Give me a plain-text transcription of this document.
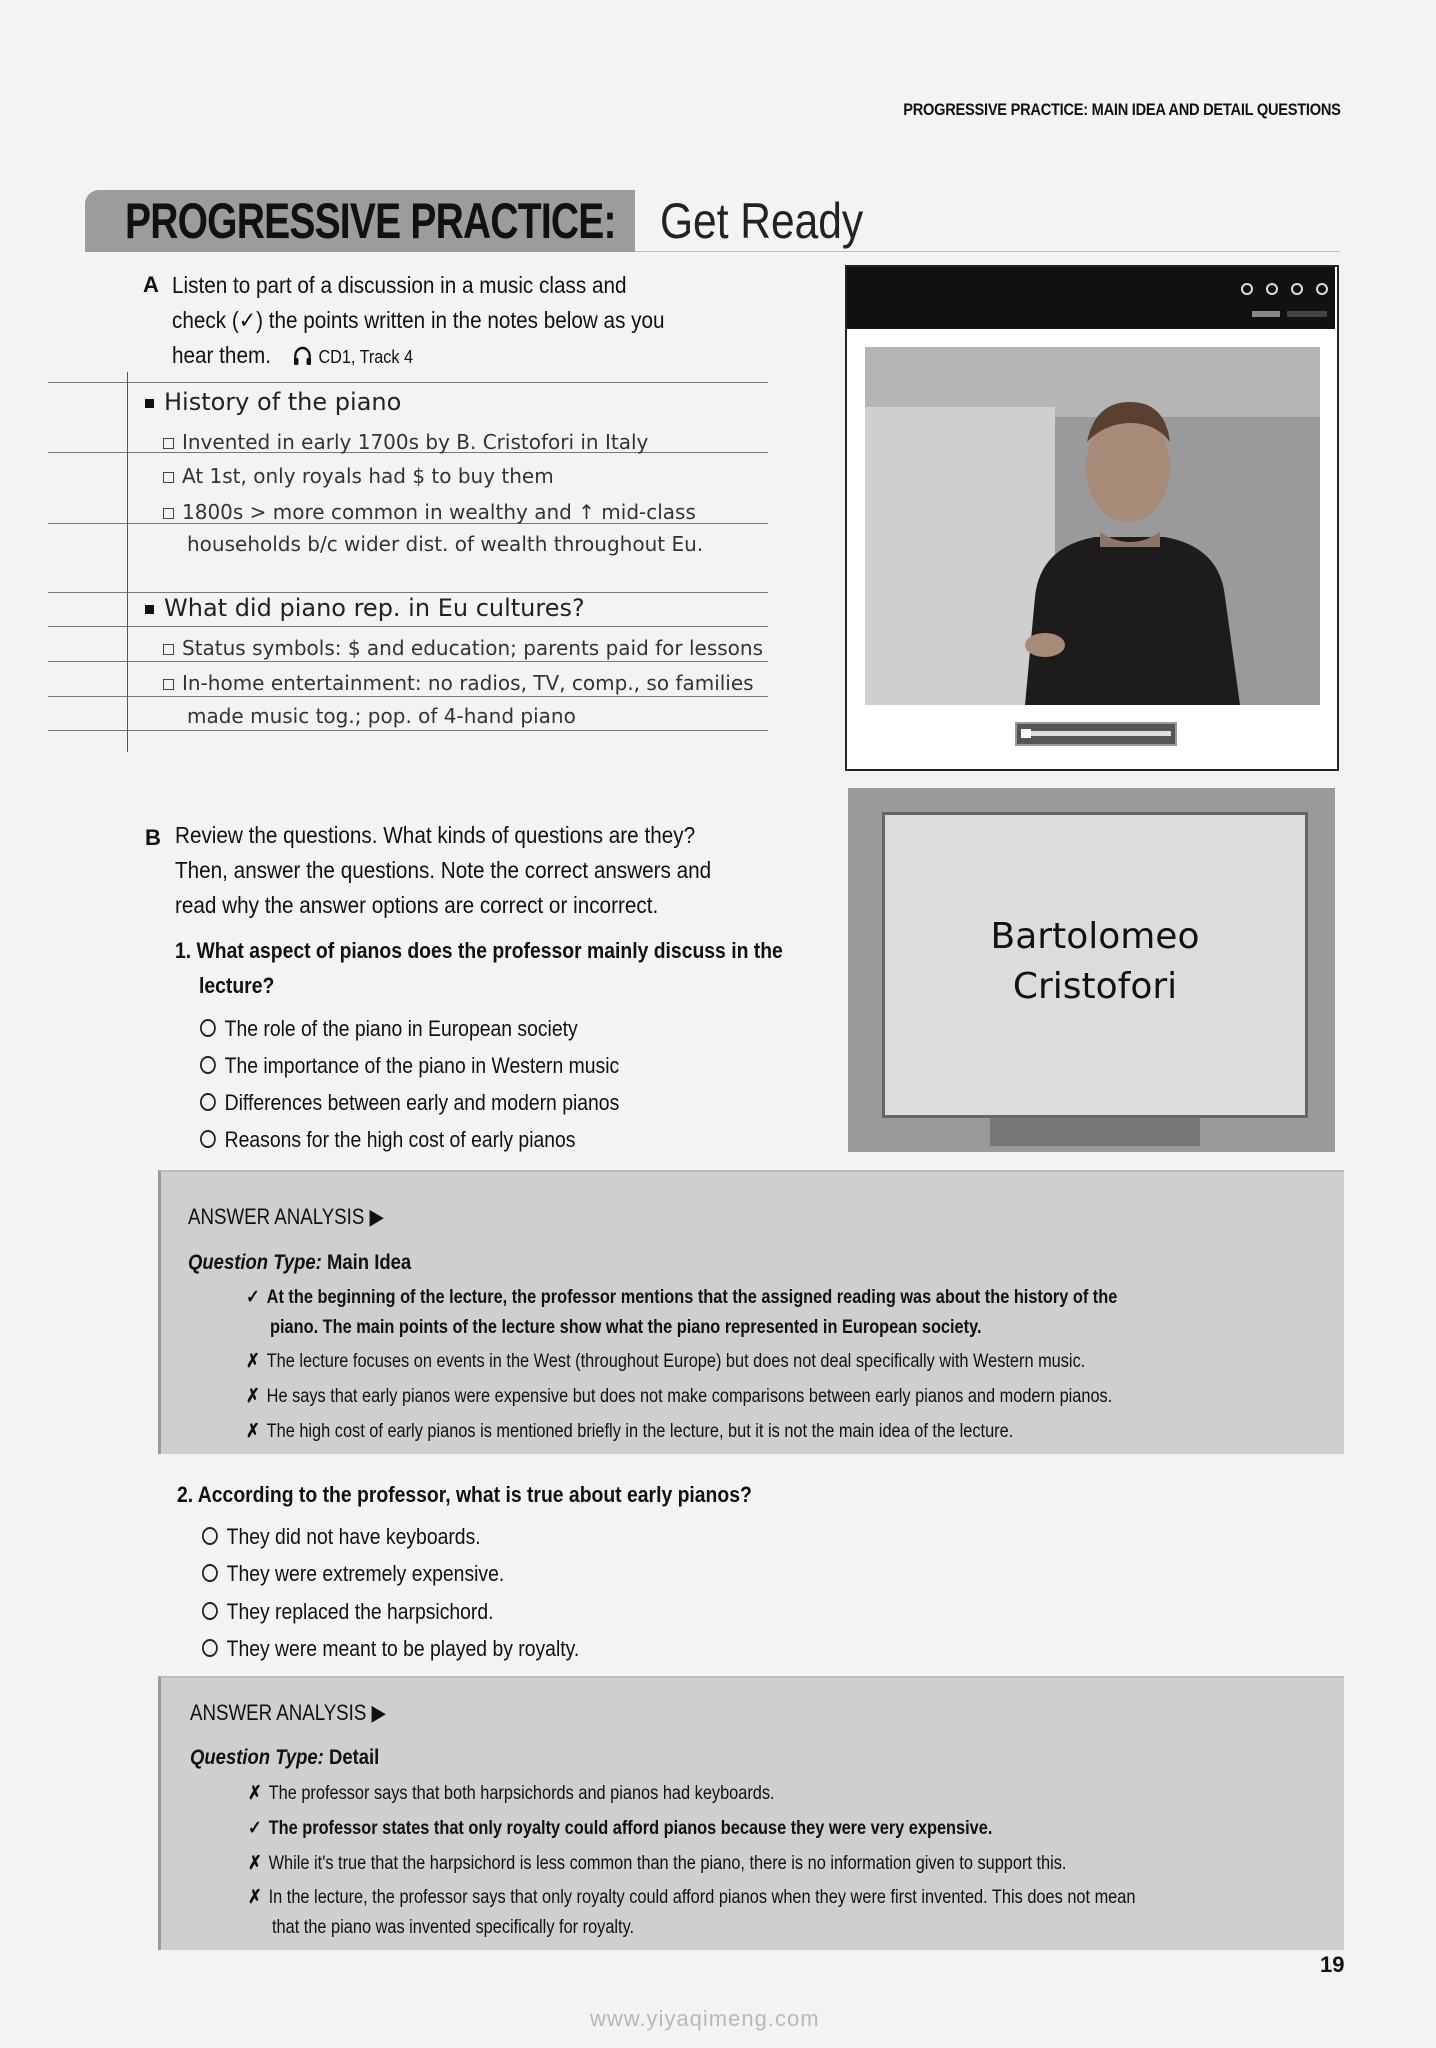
PROGRESSIVE PRACTICE: MAIN IDEA AND DETAIL QUESTIONS
PROGRESSIVE PRACTICE: Get Ready
A Listen to part of a discussion in a music class and
check (✓) the points written in the notes below as you
hear them.	CD1, Track 4
History of the piano
Invented in early 1700s by B. Cristofori in Italy
At 1st, only royals had $ to buy them
1800s > more common in wealthy and ↑ mid-class
households b/c wider dist. of wealth throughout Eu.
What did piano rep. in Eu cultures?
Status symbols: $ and education; parents paid for lessons
In-home entertainment: no radios, TV, comp., so families
made music tog.; pop. of 4-hand piano
Bartolomeo
Cristofori
B Review the questions. What kinds of questions are they?
Then, answer the questions. Note the correct answers and
read why the answer options are correct or incorrect.
1. What aspect of pianos does the professor mainly discuss in the
lecture?
The role of the piano in European society
The importance of the piano in Western music
Differences between early and modern pianos
Reasons for the high cost of early pianos
ANSWER ANALYSIS ▶
Question Type: Main Idea
✓ At the beginning of the lecture, the professor mentions that the assigned reading was about the history of the
piano. The main points of the lecture show what the piano represented in European society.
✗ The lecture focuses on events in the West (throughout Europe) but does not deal specifically with Western music.
✗ He says that early pianos were expensive but does not make comparisons between early pianos and modern pianos.
✗ The high cost of early pianos is mentioned briefly in the lecture, but it is not the main idea of the lecture.
2. According to the professor, what is true about early pianos?
They did not have keyboards.
They were extremely expensive.
They replaced the harpsichord.
They were meant to be played by royalty.
ANSWER ANALYSIS ▶
Question Type: Detail
✗ The professor says that both harpsichords and pianos had keyboards.
✓ The professor states that only royalty could afford pianos because they were very expensive.
✗ While it's true that the harpsichord is less common than the piano, there is no information given to support this.
✗ In the lecture, the professor says that only royalty could afford pianos when they were first invented. This does not mean
that the piano was invented specifically for royalty.
19
www.yiyaqimeng.com
